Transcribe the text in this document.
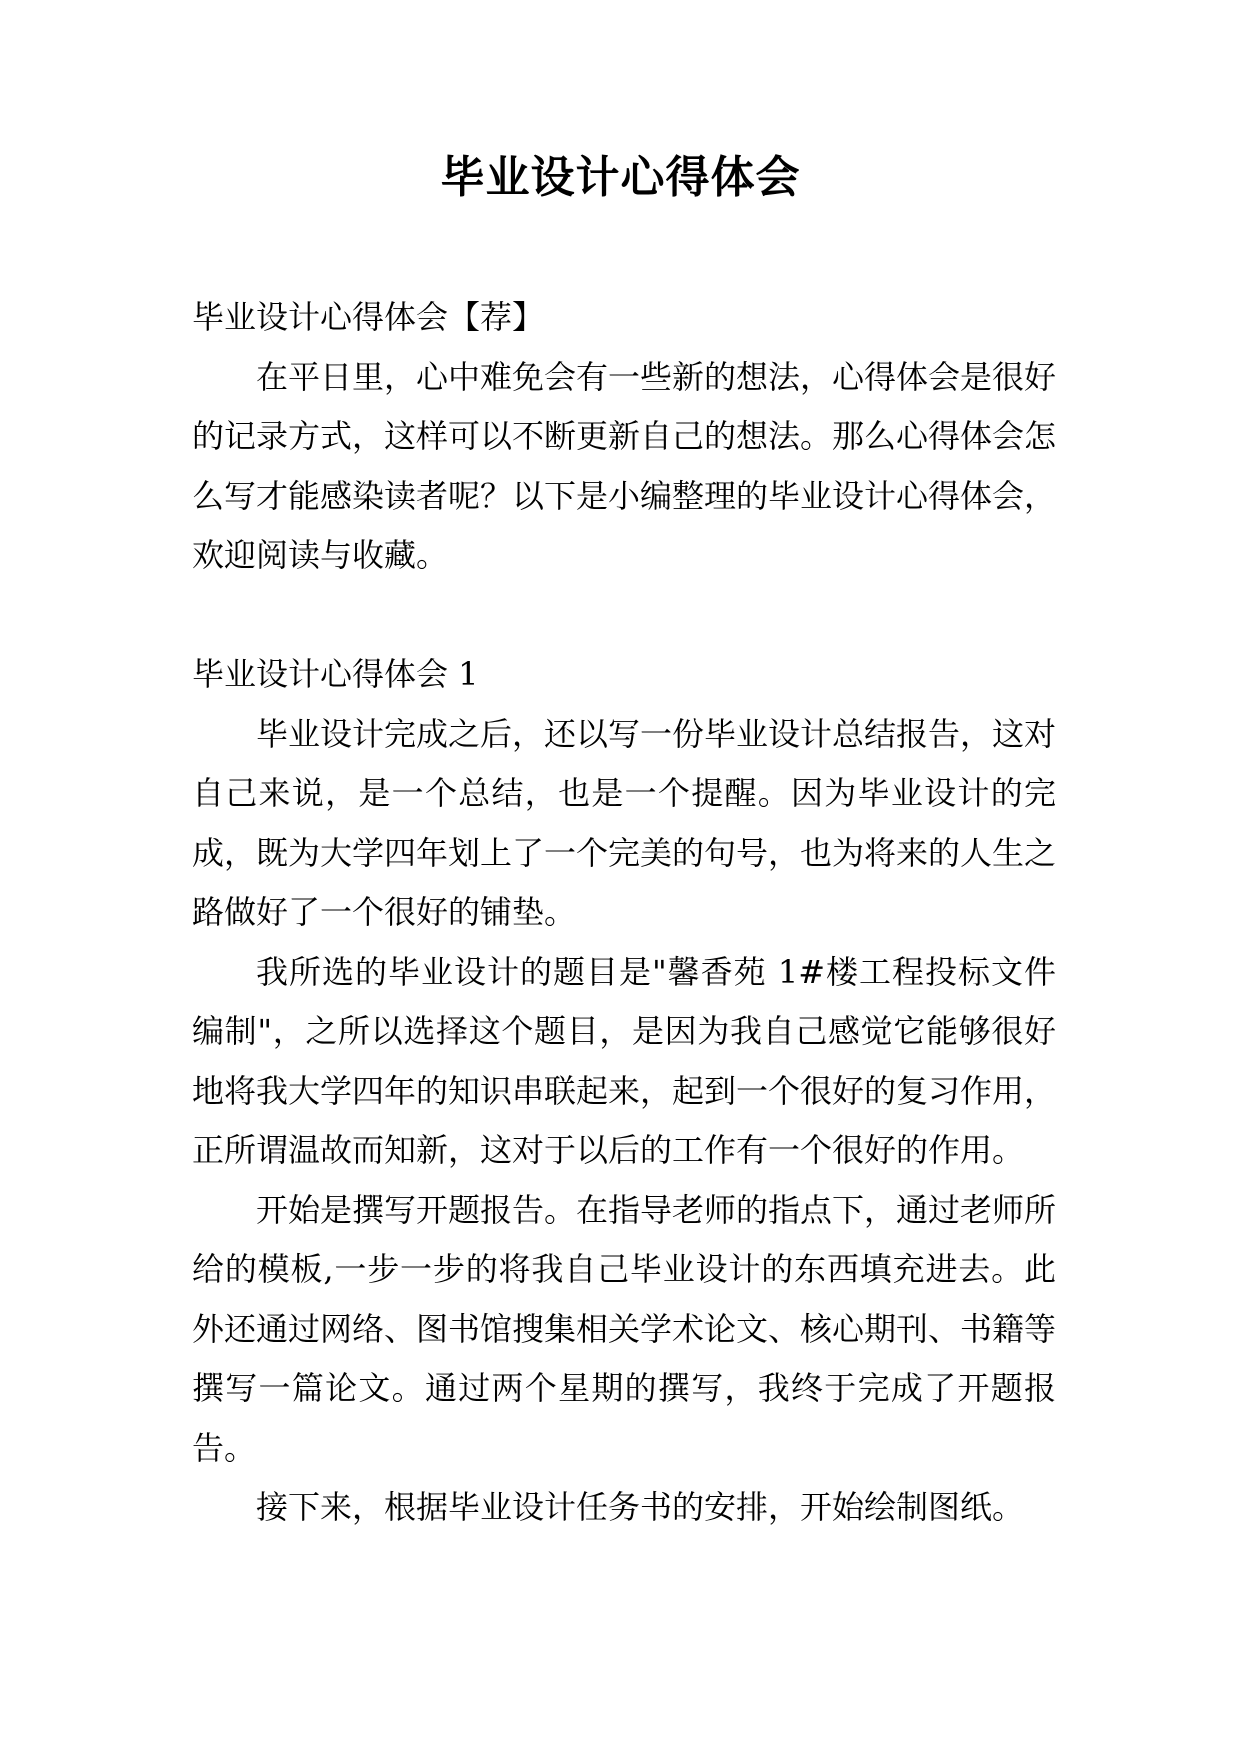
毕业设计心得体会

毕业设计心得体会【荐】

在平日里，心中难免会有一些新的想法，心得体会是很好的记录方式，这样可以不断更新自己的想法。那么心得体会怎么写才能感染读者呢？以下是小编整理的毕业设计心得体会，欢迎阅读与收藏。

毕业设计心得体会 1

毕业设计完成之后，还以写一份毕业设计总结报告，这对自己来说，是一个总结，也是一个提醒。因为毕业设计的完成，既为大学四年划上了一个完美的句号，也为将来的人生之路做好了一个很好的铺垫。

我所选的毕业设计的题目是"馨香苑 1#楼工程投标文件编制"，之所以选择这个题目，是因为我自己感觉它能够很好地将我大学四年的知识串联起来，起到一个很好的复习作用，正所谓温故而知新，这对于以后的工作有一个很好的作用。

开始是撰写开题报告。在指导老师的指点下，通过老师所给的模板,一步一步的将我自己毕业设计的东西填充进去。此外还通过网络、图书馆搜集相关学术论文、核心期刊、书籍等撰写一篇论文。通过两个星期的撰写，我终于完成了开题报告。

接下来，根据毕业设计任务书的安排，开始绘制图纸。
